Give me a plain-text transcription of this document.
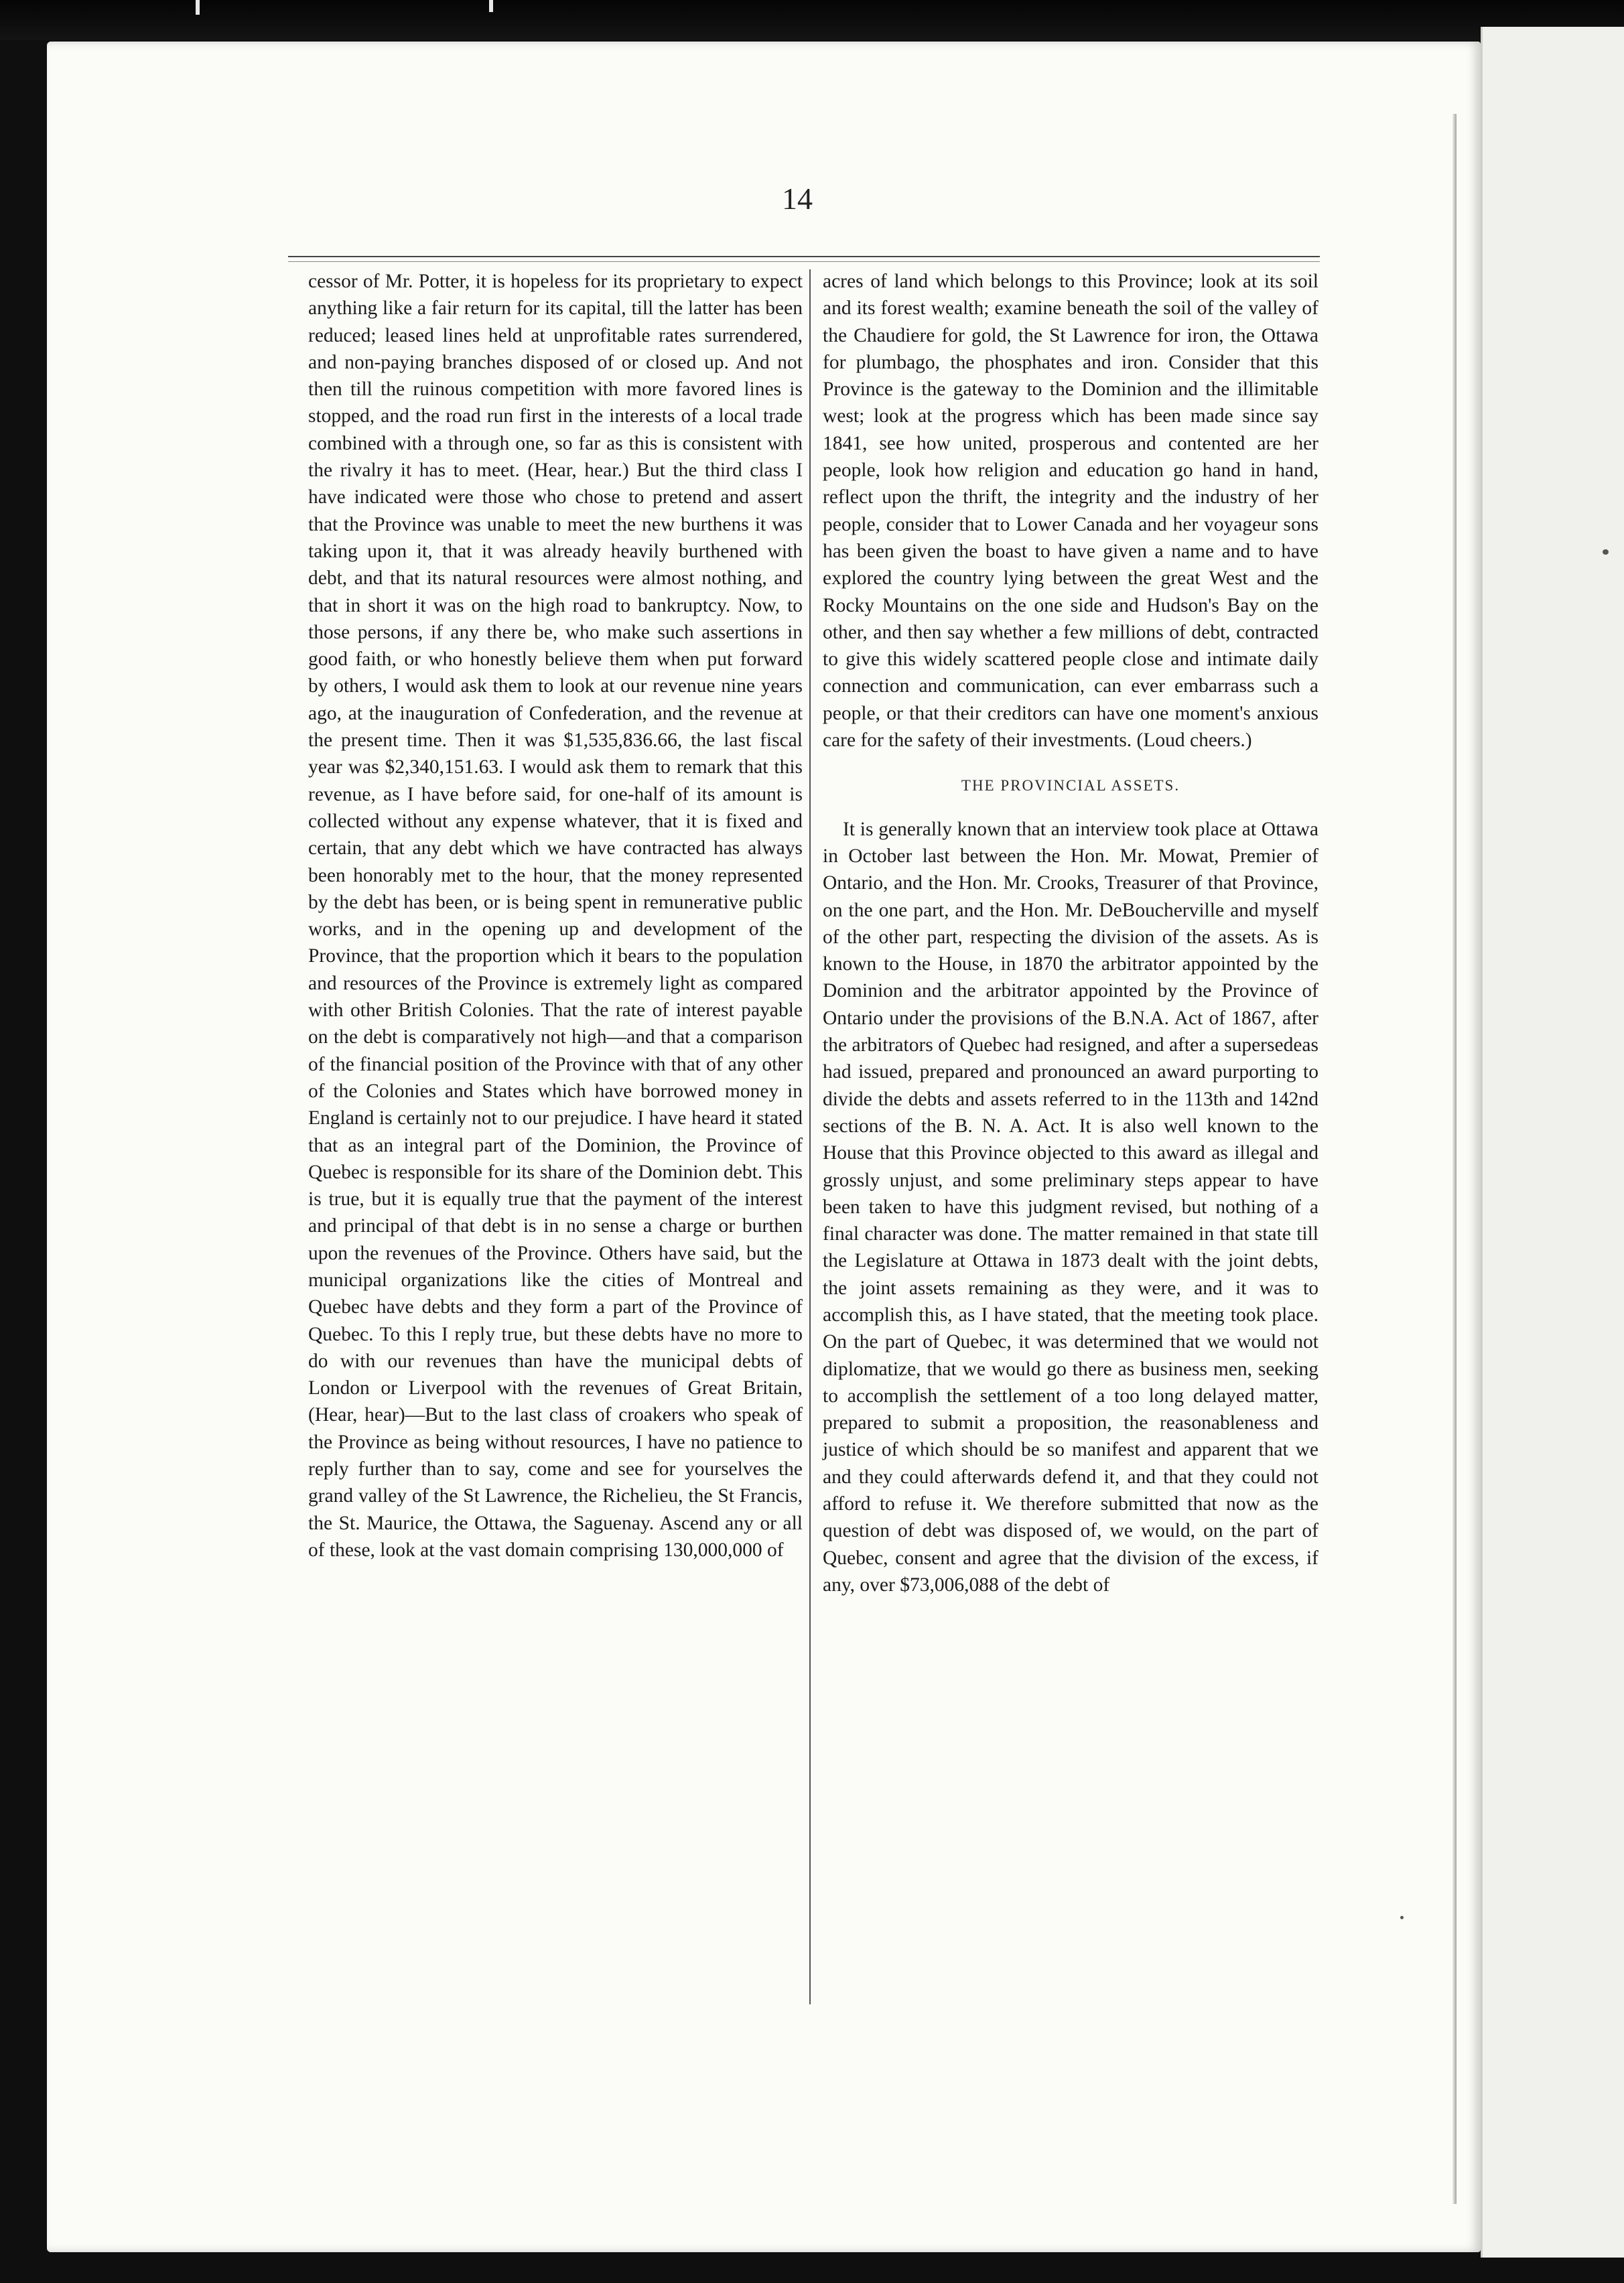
14

cessor of Mr. Potter, it is hopeless for its proprietary to expect anything like a fair return for its capital, till the latter has been reduced; leased lines held at unprofitable rates surrendered, and non-paying branches disposed of or closed up. And not then till the ruinous competition with more favored lines is stopped, and the road run first in the interests of a local trade combined with a through one, so far as this is consistent with the rivalry it has to meet. (Hear, hear.) But the third class I have indicated were those who chose to pretend and assert that the Province was unable to meet the new burthens it was taking upon it, that it was already heavily burthened with debt, and that its natural resources were almost nothing, and that in short it was on the high road to bankruptcy. Now, to those persons, if any there be, who make such assertions in good faith, or who honestly believe them when put forward by others, I would ask them to look at our revenue nine years ago, at the inauguration of Confederation, and the revenue at the present time. Then it was $1,535,836.66, the last fiscal year was $2,340,151.63. I would ask them to remark that this revenue, as I have before said, for one-half of its amount is collected without any expense whatever, that it is fixed and certain, that any debt which we have contracted has always been honorably met to the hour, that the money represented by the debt has been, or is being spent in remunerative public works, and in the opening up and development of the Province, that the proportion which it bears to the population and resources of the Province is extremely light as compared with other British Colonies. That the rate of interest payable on the debt is comparatively not high—and that a comparison of the financial position of the Province with that of any other of the Colonies and States which have borrowed money in England is certainly not to our prejudice. I have heard it stated that as an integral part of the Dominion, the Province of Quebec is responsible for its share of the Dominion debt. This is true, but it is equally true that the payment of the interest and principal of that debt is in no sense a charge or burthen upon the revenues of the Province. Others have said, but the municipal organizations like the cities of Montreal and Quebec have debts and they form a part of the Province of Quebec. To this I reply true, but these debts have no more to do with our revenues than have the municipal debts of London or Liverpool with the revenues of Great Britain, (Hear, hear)—But to the last class of croakers who speak of the Province as being without resources, I have no patience to reply further than to say, come and see for yourselves the grand valley of the St Lawrence, the Richelieu, the St Francis, the St. Maurice, the Ottawa, the Saguenay. Ascend any or all of these, look at the vast domain comprising 130,000,000 of

acres of land which belongs to this Province; look at its soil and its forest wealth; examine beneath the soil of the valley of the Chaudiere for gold, the St Lawrence for iron, the Ottawa for plumbago, the phosphates and iron. Consider that this Province is the gateway to the Dominion and the illimitable west; look at the progress which has been made since say 1841, see how united, prosperous and contented are her people, look how religion and education go hand in hand, reflect upon the thrift, the integrity and the industry of her people, consider that to Lower Canada and her voyageur sons has been given the boast to have given a name and to have explored the country lying between the great West and the Rocky Mountains on the one side and Hudson's Bay on the other, and then say whether a few millions of debt, contracted to give this widely scattered people close and intimate daily connection and communication, can ever embarrass such a people, or that their creditors can have one moment's anxious care for the safety of their investments. (Loud cheers.)

THE PROVINCIAL ASSETS.

It is generally known that an interview took place at Ottawa in October last between the Hon. Mr. Mowat, Premier of Ontario, and the Hon. Mr. Crooks, Treasurer of that Province, on the one part, and the Hon. Mr. DeBoucherville and myself of the other part, respecting the division of the assets. As is known to the House, in 1870 the arbitrator appointed by the Dominion and the arbitrator appointed by the Province of Ontario under the provisions of the B.N.A. Act of 1867, after the arbitrators of Quebec had resigned, and after a supersedeas had issued, prepared and pronounced an award purporting to divide the debts and assets referred to in the 113th and 142nd sections of the B. N. A. Act. It is also well known to the House that this Province objected to this award as illegal and grossly unjust, and some preliminary steps appear to have been taken to have this judgment revised, but nothing of a final character was done. The matter remained in that state till the Legislature at Ottawa in 1873 dealt with the joint debts, the joint assets remaining as they were, and it was to accomplish this, as I have stated, that the meeting took place. On the part of Quebec, it was determined that we would not diplomatize, that we would go there as business men, seeking to accomplish the settlement of a too long delayed matter, prepared to submit a proposition, the reasonableness and justice of which should be so manifest and apparent that we and they could afterwards defend it, and that they could not afford to refuse it. We therefore submitted that now as the question of debt was disposed of, we would, on the part of Quebec, consent and agree that the division of the excess, if any, over $73,006,088 of the debt of
